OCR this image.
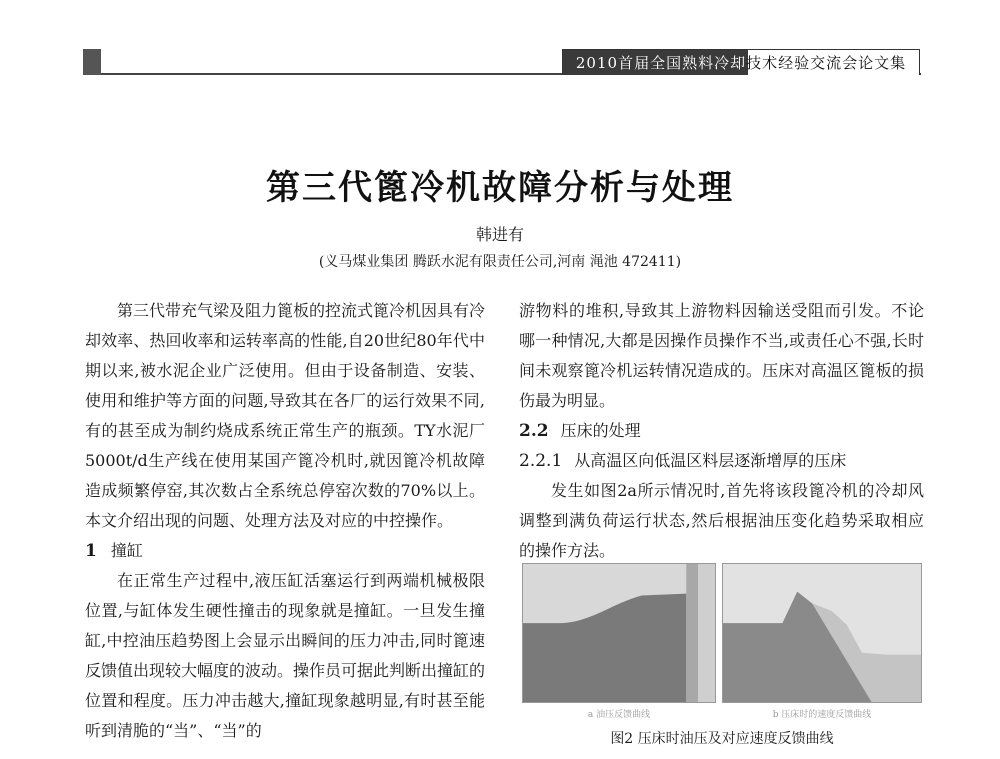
2010首届全国熟料冷却 技术经验交流会论文集
第三代篦冷机故障分析与处理
韩进有
(义马煤业集团 腾跃水泥有限责任公司,河南 渑池 472411)

第三代带充气梁及阻力篦板的控流式篦冷机因具有冷却效率、热回收率和运转率高的性能,自20世纪80年代中期以来,被水泥企业广泛使用。但由于设备制造、安装、使用和维护等方面的问题,导致其在各厂的运行效果不同,有的甚至成为制约烧成系统正常生产的瓶颈。TY水泥厂5000t/d生产线在使用某国产篦冷机时,就因篦冷机故障造成频繁停窑,其次数占全系统总停窑次数的70%以上。本文介绍出现的问题、处理方法及对应的中控操作。

1 撞缸

在正常生产过程中,液压缸活塞运行到两端机械极限位置,与缸体发生硬性撞击的现象就是撞缸。一旦发生撞缸,中控油压趋势图上会显示出瞬间的压力冲击,同时篦速反馈值出现较大幅度的波动。操作员可据此判断出撞缸的位置和程度。压力冲击越大,撞缸现象越明显,有时甚至能听到清脆的“当”、“当”的

游物料的堆积,导致其上游物料因输送受阻而引发。不论哪一种情况,大都是因操作员操作不当,或责任心不强,长时间未观察篦冷机运转情况造成的。压床对高温区篦板的损伤最为明显。

2.2 压床的处理
2.2.1 从高温区向低温区料层逐渐增厚的压床

发生如图2a所示情况时,首先将该段篦冷机的冷却风调整到满负荷运行状态,然后根据油压变化趋势采取相应的操作方法。

a 油压反馈曲线	b 压床时的速度反馈曲线
图2 压床时油压及对应速度反馈曲线
